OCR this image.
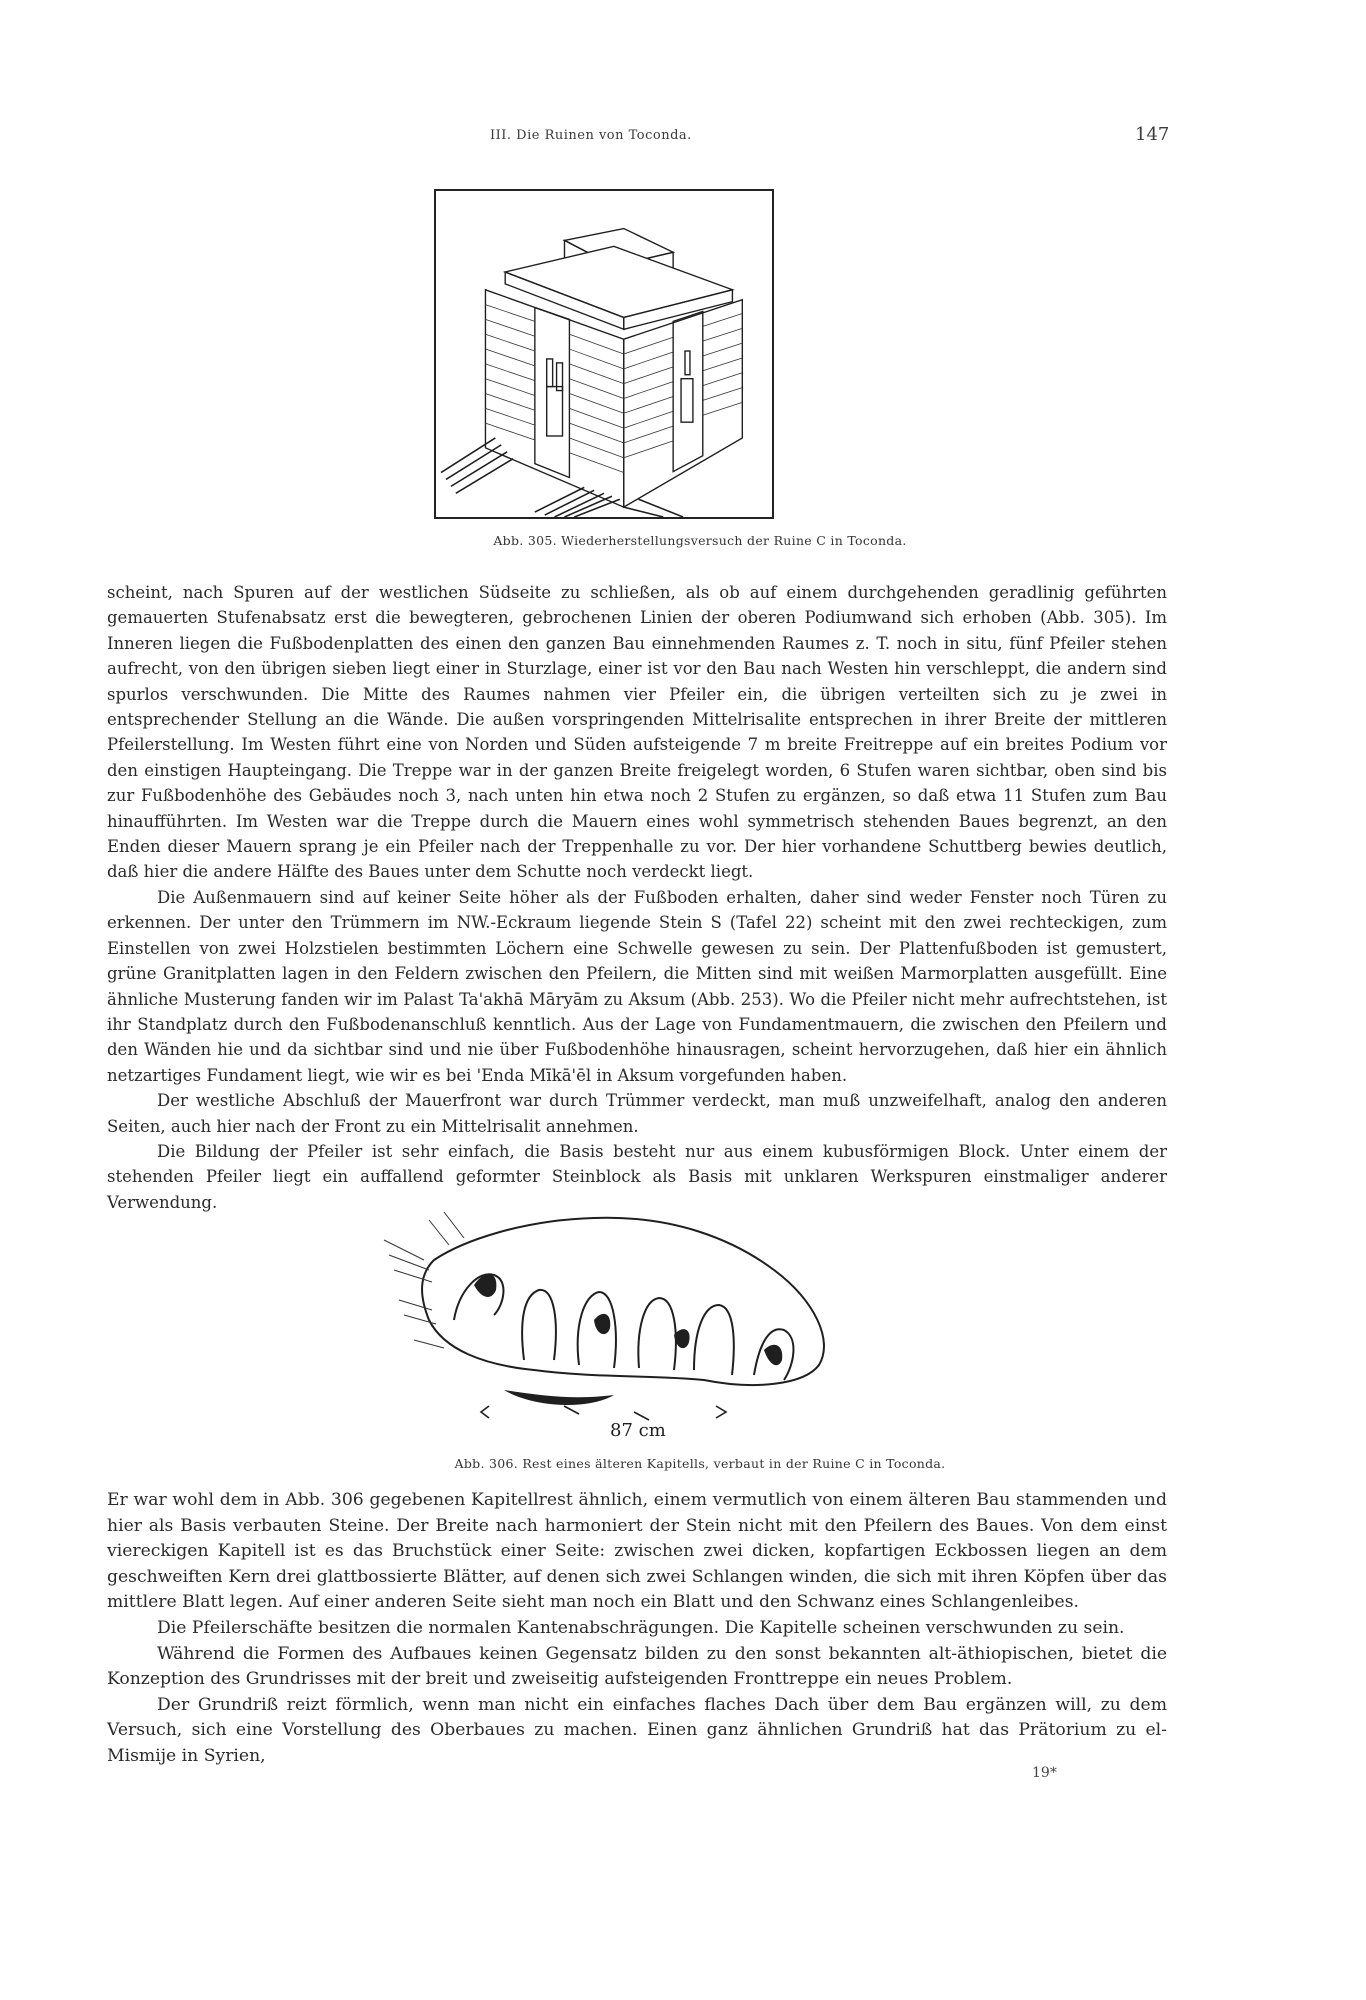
III. Die Ruinen von Toconda.	147
Abb. 305. Wiederherstellungsversuch der Ruine C in Toconda.

scheint, nach Spuren auf der westlichen Südseite zu schließen, als ob auf einem durchgehenden geradlinig geführten gemauerten Stufenabsatz erst die bewegteren, gebrochenen Linien der oberen Podiumwand sich erhoben (Abb. 305). Im Inneren liegen die Fußbodenplatten des einen den ganzen Bau einnehmenden Raumes z. T. noch in situ, fünf Pfeiler stehen aufrecht, von den übrigen sieben liegt einer in Sturzlage, einer ist vor den Bau nach Westen hin verschleppt, die andern sind spurlos verschwunden. Die Mitte des Raumes nahmen vier Pfeiler ein, die übrigen verteilten sich zu je zwei in entsprechender Stellung an die Wände. Die außen vorspringenden Mittelrisalite entsprechen in ihrer Breite der mittleren Pfeilerstellung. Im Westen führt eine von Norden und Süden aufsteigende 7 m breite Freitreppe auf ein breites Podium vor den einstigen Haupteingang. Die Treppe war in der ganzen Breite freigelegt worden, 6 Stufen waren sichtbar, oben sind bis zur Fußbodenhöhe des Gebäudes noch 3, nach unten hin etwa noch 2 Stufen zu ergänzen, so daß etwa 11 Stufen zum Bau hinaufführten. Im Westen war die Treppe durch die Mauern eines wohl symmetrisch stehenden Baues begrenzt, an den Enden dieser Mauern sprang je ein Pfeiler nach der Treppenhalle zu vor. Der hier vorhandene Schuttberg bewies deutlich, daß hier die andere Hälfte des Baues unter dem Schutte noch verdeckt liegt.

Die Außenmauern sind auf keiner Seite höher als der Fußboden erhalten, daher sind weder Fenster noch Türen zu erkennen. Der unter den Trümmern im NW.-Eckraum liegende Stein S (Tafel 22) scheint mit den zwei rechteckigen, zum Einstellen von zwei Holzstielen bestimmten Löchern eine Schwelle gewesen zu sein. Der Plattenfußboden ist gemustert, grüne Granitplatten lagen in den Feldern zwischen den Pfeilern, die Mitten sind mit weißen Marmorplatten ausgefüllt. Eine ähnliche Musterung fanden wir im Palast Ta'akhā Māryām zu Aksum (Abb. 253). Wo die Pfeiler nicht mehr aufrechtstehen, ist ihr Standplatz durch den Fußbodenanschluß kenntlich. Aus der Lage von Fundamentmauern, die zwischen den Pfeilern und den Wänden hie und da sichtbar sind und nie über Fußbodenhöhe hinausragen, scheint hervorzugehen, daß hier ein ähnlich netzartiges Fundament liegt, wie wir es bei 'Enda Mīkā'ēl in Aksum vorgefunden haben.

Der westliche Abschluß der Mauerfront war durch Trümmer verdeckt, man muß unzweifelhaft, analog den anderen Seiten, auch hier nach der Front zu ein Mittelrisalit annehmen.

Die Bildung der Pfeiler ist sehr einfach, die Basis besteht nur aus einem kubusförmigen Block. Unter einem der stehenden Pfeiler liegt ein auffallend geformter Steinblock als Basis mit unklaren Werkspuren einstmaliger anderer Verwendung.

87 cm
Abb. 306. Rest eines älteren Kapitells, verbaut in der Ruine C in Toconda.

Er war wohl dem in Abb. 306 gegebenen Kapitellrest ähnlich, einem vermutlich von einem älteren Bau stammenden und hier als Basis verbauten Steine. Der Breite nach harmoniert der Stein nicht mit den Pfeilern des Baues. Von dem einst viereckigen Kapitell ist es das Bruchstück einer Seite: zwischen zwei dicken, kopfartigen Eckbossen liegen an dem geschweiften Kern drei glattbossierte Blätter, auf denen sich zwei Schlangen winden, die sich mit ihren Köpfen über das mittlere Blatt legen. Auf einer anderen Seite sieht man noch ein Blatt und den Schwanz eines Schlangenleibes.

Die Pfeilerschäfte besitzen die normalen Kantenabschrägungen. Die Kapitelle scheinen verschwunden zu sein.

Während die Formen des Aufbaues keinen Gegensatz bilden zu den sonst bekannten alt-äthiopischen, bietet die Konzeption des Grundrisses mit der breit und zweiseitig aufsteigenden Fronttreppe ein neues Problem.

Der Grundriß reizt förmlich, wenn man nicht ein einfaches flaches Dach über dem Bau ergänzen will, zu dem Versuch, sich eine Vorstellung des Oberbaues zu machen. Einen ganz ähnlichen Grundriß hat das Prätorium zu el-Mismije in Syrien,

19*
